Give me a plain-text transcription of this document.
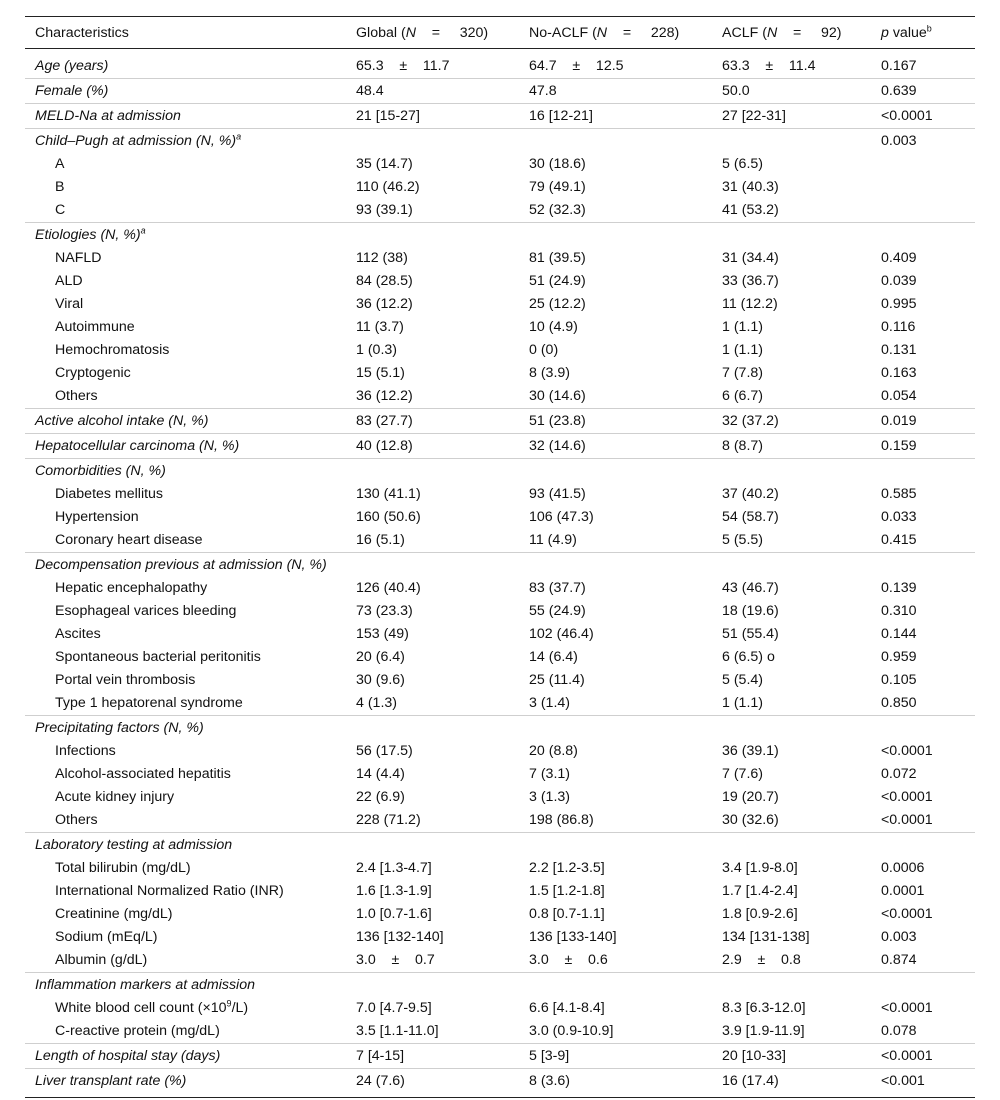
Characteristics	Global (N = 320)	No-ACLF (N = 228)	ACLF (N = 92)	p value$^b$
Age (years)	65.3    ±    11.7	64.7    ±    12.5	63.3    ±    11.4	0.167
Female (%)	48.4	47.8	50.0	0.639
MELD-Na at admission	21 [15-27]	16 [12-21]	27 [22-31]	<0.0001
Child–Pugh at admission (N, %)$^a$				0.003
A	35 (14.7)	30 (18.6)	5 (6.5)	
B	110 (46.2)	79 (49.1)	31 (40.3)	
C	93 (39.1)	52 (32.3)	41 (53.2)	
Etiologies (N, %)$^a$				
NAFLD	112 (38)	81 (39.5)	31 (34.4)	0.409
ALD	84 (28.5)	51 (24.9)	33 (36.7)	0.039
Viral	36 (12.2)	25 (12.2)	11 (12.2)	0.995
Autoimmune	11 (3.7)	10 (4.9)	1 (1.1)	0.116
Hemochromatosis	1 (0.3)	0 (0)	1 (1.1)	0.131
Cryptogenic	15 (5.1)	8 (3.9)	7 (7.8)	0.163
Others	36 (12.2)	30 (14.6)	6 (6.7)	0.054
Active alcohol intake (N, %)	83 (27.7)	51 (23.8)	32 (37.2)	0.019
Hepatocellular carcinoma (N, %)	40 (12.8)	32 (14.6)	8 (8.7)	0.159
Comorbidities (N, %)				
Diabetes mellitus	130 (41.1)	93 (41.5)	37 (40.2)	0.585
Hypertension	160 (50.6)	106 (47.3)	54 (58.7)	0.033
Coronary heart disease	16 (5.1)	11 (4.9)	5 (5.5)	0.415
Decompensation previous at admission (N, %)				
Hepatic encephalopathy	126 (40.4)	83 (37.7)	43 (46.7)	0.139
Esophageal varices bleeding	73 (23.3)	55 (24.9)	18 (19.6)	0.310
Ascites	153 (49)	102 (46.4)	51 (55.4)	0.144
Spontaneous bacterial peritonitis	20 (6.4)	14 (6.4)	6 (6.5) o	0.959
Portal vein thrombosis	30 (9.6)	25 (11.4)	5 (5.4)	0.105
Type 1 hepatorenal syndrome	4 (1.3)	3 (1.4)	1 (1.1)	0.850
Precipitating factors (N, %)				
Infections	56 (17.5)	20 (8.8)	36 (39.1)	<0.0001
Alcohol-associated hepatitis	14 (4.4)	7 (3.1)	7 (7.6)	0.072
Acute kidney injury	22 (6.9)	3 (1.3)	19 (20.7)	<0.0001
Others	228 (71.2)	198 (86.8)	30 (32.6)	<0.0001
Laboratory testing at admission				
Total bilirubin (mg/dL)	2.4 [1.3-4.7]	2.2 [1.2-3.5]	3.4 [1.9-8.0]	0.0006
International Normalized Ratio (INR)	1.6 [1.3-1.9]	1.5 [1.2-1.8]	1.7 [1.4-2.4]	0.0001
Creatinine (mg/dL)	1.0 [0.7-1.6]	0.8 [0.7-1.1]	1.8 [0.9-2.6]	<0.0001
Sodium (mEq/L)	136 [132-140]	136 [133-140]	134 [131-138]	0.003
Albumin (g/dL)	3.0    ±    0.7	3.0    ±    0.6	2.9    ±    0.8	0.874
Inflammation markers at admission				
White blood cell count $(\times 10^9/L)$	7.0 [4.7-9.5]	6.6 [4.1-8.4]	8.3 [6.3-12.0]	<0.0001
C-reactive protein (mg/dL)	3.5 [1.1-11.0]	3.0 (0.9-10.9]	3.9 [1.9-11.9]	0.078
Length of hospital stay (days)	7 [4-15]	5 [3-9]	20 [10-33]	<0.0001
Liver transplant rate (%)	24 (7.6)	8 (3.6)	16 (17.4)	<0.001
